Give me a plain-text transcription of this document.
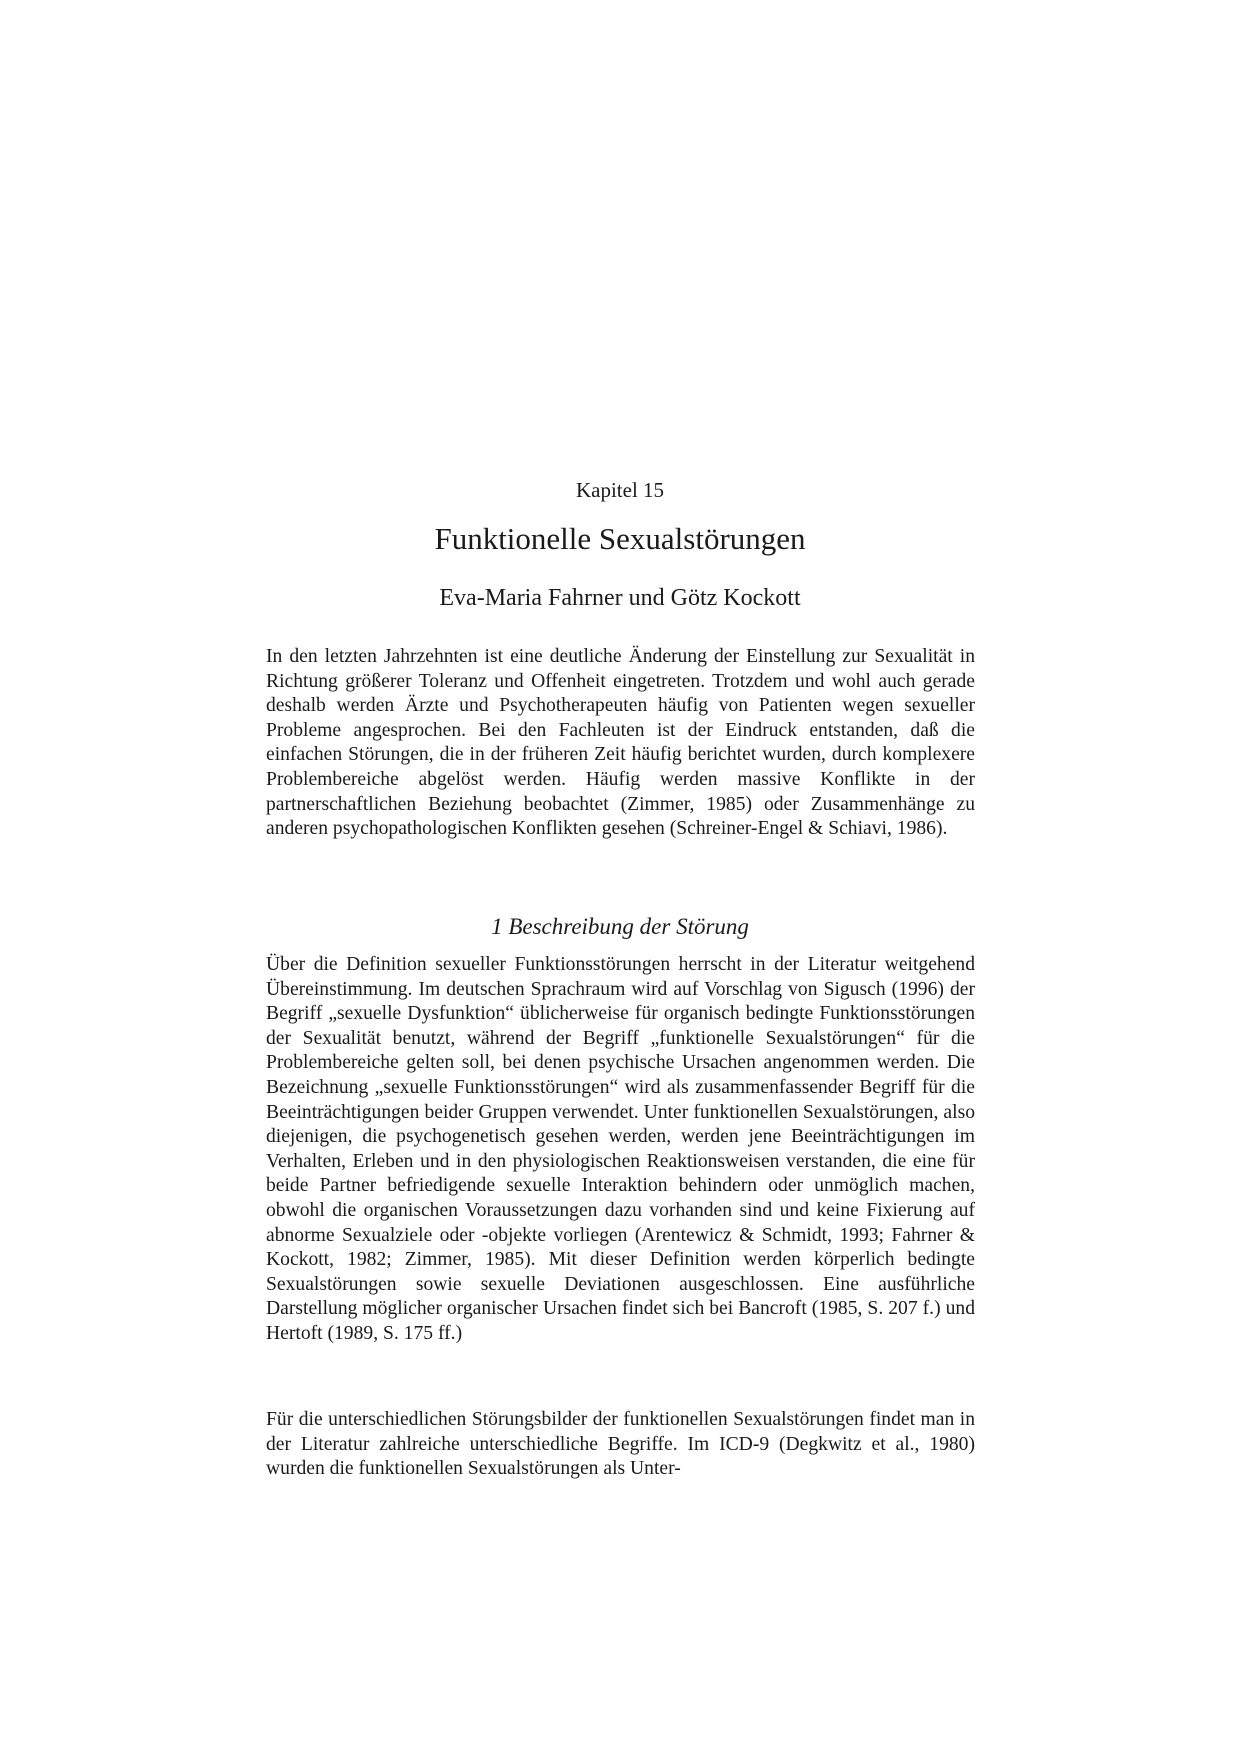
Kapitel 15
Funktionelle Sexualstörungen
Eva-Maria Fahrner und Götz Kockott

In den letzten Jahrzehnten ist eine deutliche Änderung der Einstellung zur Sexualität in Richtung größerer Toleranz und Offenheit eingetreten. Trotzdem und wohl auch gerade deshalb werden Ärzte und Psychotherapeuten häufig von Patienten wegen sexueller Probleme angesprochen. Bei den Fachleuten ist der Eindruck entstanden, daß die einfachen Störungen, die in der früheren Zeit häufig berichtet wurden, durch komplexere Problembereiche abgelöst werden. Häufig werden massive Konflikte in der partnerschaftlichen Beziehung beobachtet (Zimmer, 1985) oder Zusammenhänge zu anderen psychopathologischen Konflikten gesehen (Schreiner-Engel & Schiavi, 1986).

1 Beschreibung der Störung

Über die Definition sexueller Funktionsstörungen herrscht in der Literatur weitgehend Übereinstimmung. Im deutschen Sprachraum wird auf Vorschlag von Sigusch (1996) der Begriff „sexuelle Dysfunktion“ üblicherweise für organisch bedingte Funktionsstörungen der Sexualität benutzt, während der Begriff „funktionelle Sexualstörungen“ für die Problembereiche gelten soll, bei denen psychische Ursachen angenommen werden. Die Bezeichnung „sexuelle Funktionsstörungen“ wird als zusammenfassender Begriff für die Beeinträchtigungen beider Gruppen verwendet. Unter funktionellen Sexualstörungen, also diejenigen, die psychogenetisch gesehen werden, werden jene Beeinträchtigungen im Verhalten, Erleben und in den physiologischen Reaktionsweisen verstanden, die eine für beide Partner befriedigende sexuelle Interaktion behindern oder unmöglich machen, obwohl die organischen Voraussetzungen dazu vorhanden sind und keine Fixierung auf abnorme Sexualziele oder -objekte vorliegen (Arentewicz & Schmidt, 1993; Fahrner & Kockott, 1982; Zimmer, 1985). Mit dieser Definition werden körperlich bedingte Sexualstörungen sowie sexuelle Deviationen ausgeschlossen. Eine ausführliche Darstellung möglicher organischer Ursachen findet sich bei Bancroft (1985, S. 207 f.) und Hertoft (1989, S. 175 ff.)

Für die unterschiedlichen Störungsbilder der funktionellen Sexualstörungen findet man in der Literatur zahlreiche unterschiedliche Begriffe. Im ICD-9 (Degkwitz et al., 1980) wurden die funktionellen Sexualstörungen als Unter-
